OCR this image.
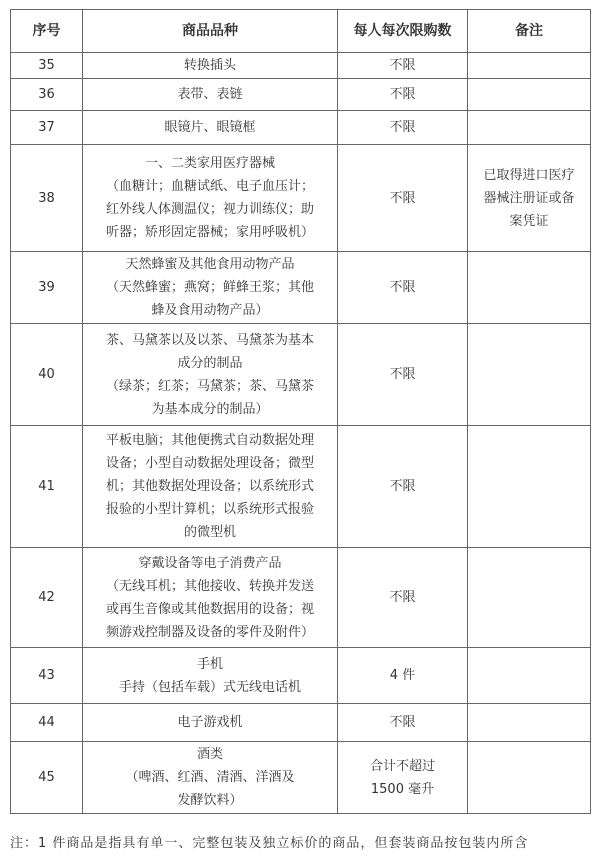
序号	商品品种	每人每次限购数	备注
35	转换插头	不限	

36	表带、表链	不限	

37	眼镜片、眼镜框	不限	

38	一、二类家用医疗器械
（血糖计；血糖试纸、电子血压计；
红外线人体测温仪；视力训练仪；助
听器；矫形固定器械；家用呼吸机）	不限	已取得进口医疗
器械注册证或备
案凭证

39	天然蜂蜜及其他食用动物产品
（天然蜂蜜；燕窝；鲜蜂王浆；其他
蜂及食用动物产品）	不限	

40	茶、马黛茶以及以茶、马黛茶为基本
成分的制品
（绿茶；红茶；马黛茶；茶、马黛茶
为基本成分的制品）	不限	

41	平板电脑；其他便携式自动数据处理
设备；小型自动数据处理设备；微型
机；其他数据处理设备；以系统形式
报验的小型计算机；以系统形式报验
的微型机	不限	

42	穿戴设备等电子消费产品
（无线耳机；其他接收、转换并发送
或再生音像或其他数据用的设备；视
频游戏控制器及设备的零件及附件）	不限	

43	手机
手持（包括车载）式无线电话机	4 件	

44	电子游戏机	不限	

45	酒类
（啤酒、红酒、清酒、洋酒及
发酵饮料）	合计不超过
1500 毫升	

注：1 件商品是指具有单一、完整包装及独立标价的商品，但套装商品按包装内所含
